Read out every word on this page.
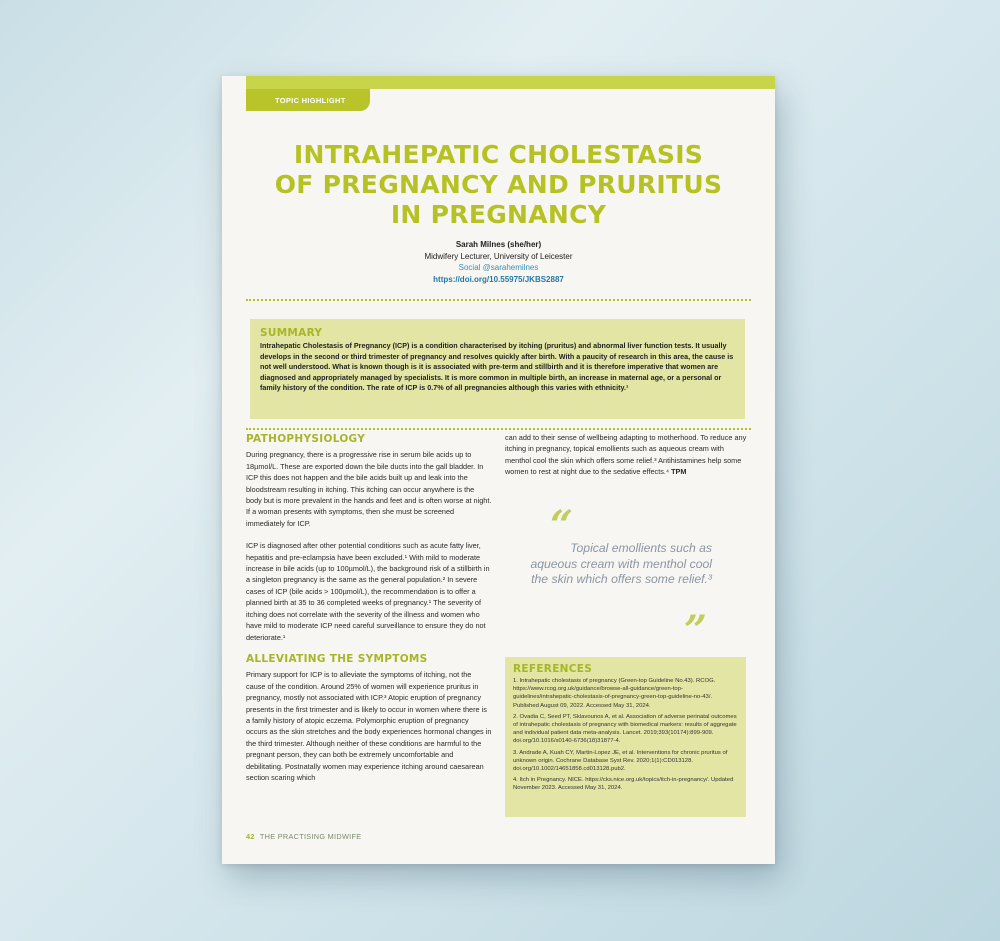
TOPIC HIGHLIGHT
INTRAHEPATIC CHOLESTASIS
OF PREGNANCY AND PRURITUS
IN PREGNANCY
Sarah Milnes (she/her)
Midwifery Lecturer, University of Leicester
Social @sarahemilnes
https://doi.org/10.55975/JKBS2887
SUMMARY

Intrahepatic Cholestasis of Pregnancy (ICP) is a condition characterised by itching (pruritus) and abnormal liver function tests. It usually develops in the second or third trimester of pregnancy and resolves quickly after birth. With a paucity of research in this area, the cause is not well understood. What is known though is it is associated with pre-term and stillbirth and it is therefore imperative that women are diagnosed and appropriately managed by specialists. It is more common in multiple birth, an increase in maternal age, or a personal or family history of the condition. The rate of ICP is 0.7% of all pregnancies although this varies with ethnicity.¹

PATHOPHYSIOLOGY

During pregnancy, there is a progressive rise in serum bile acids up to 18µmol/L. These are exported down the bile ducts into the gall bladder. In ICP this does not happen and the bile acids built up and leak into the bloodstream resulting in itching. This itching can occur anywhere is the body but is more prevalent in the hands and feet and is often worse at night. If a woman presents with symptoms, then she must be screened immediately for ICP.

ICP is diagnosed after other potential conditions such as acute fatty liver, hepatitis and pre-eclampsia have been excluded.¹ With mild to moderate increase in bile acids (up to 100µmol/L), the background risk of a stillbirth in a singleton pregnancy is the same as the general population.² In severe cases of ICP (bile acids > 100µmol/L), the recommendation is to offer a planned birth at 35 to 36 completed weeks of pregnancy.¹ The severity of itching does not correlate with the severity of the illness and women who have mild to moderate ICP need careful surveillance to ensure they do not deteriorate.¹

ALLEVIATING THE SYMPTOMS

Primary support for ICP is to alleviate the symptoms of itching, not the cause of the condition. Around 25% of women will experience pruritus in pregnancy, mostly not associated with ICP.³ Atopic eruption of pregnancy presents in the first trimester and is likely to occur in women where there is a family history of atopic eczema. Polymorphic eruption of pregnancy occurs as the skin stretches and the body experiences hormonal changes in the third trimester. Although neither of these conditions are harmful to the pregnant person, they can both be extremely uncomfortable and debilitating. Postnatally women may experience itching around caesarean section scaring which

can add to their sense of wellbeing adapting to motherhood. To reduce any itching in pregnancy, topical emollients such as aqueous cream with menthol cool the skin which offers some relief.³ Antihistamines help some women to rest at night due to the sedative effects.⁴ TPM

“
Topical emollients such as aqueous cream with menthol cool the skin which offers some relief.³
”
REFERENCES
1. Intrahepatic cholestasis of pregnancy (Green-top Guideline No.43). RCOG. https://www.rcog.org.uk/guidance/browse-all-guidance/green-top-guidelines/intrahepatic-cholestasis-of-pregnancy-green-top-guideline-no-43/. Published August 09, 2022. Accessed May 31, 2024.
2. Ovadia C, Seed PT, Sklavounos A, et al. Association of adverse perinatal outcomes of intrahepatic cholestasis of pregnancy with biomedical markers: results of aggregate and individual patient data meta-analysis. Lancet. 2019;393(10174):899-909. doi.org/10.1016/s0140-6736(18)31877-4.
3. Andrade A, Kuah CY, Martin-Lopez JE, et al. Interventions for chronic pruritus of unknown origin. Cochrane Database Syst Rev. 2020;1(1):CD013128. doi.org/10.1002/14651858.cd013128.pub2.
4. Itch in Pregnancy. NICE. https://cks.nice.org.uk/topics/itch-in-pregnancy/. Updated November 2023. Accessed May 31, 2024.
42 THE PRACTISING MIDWIFE
